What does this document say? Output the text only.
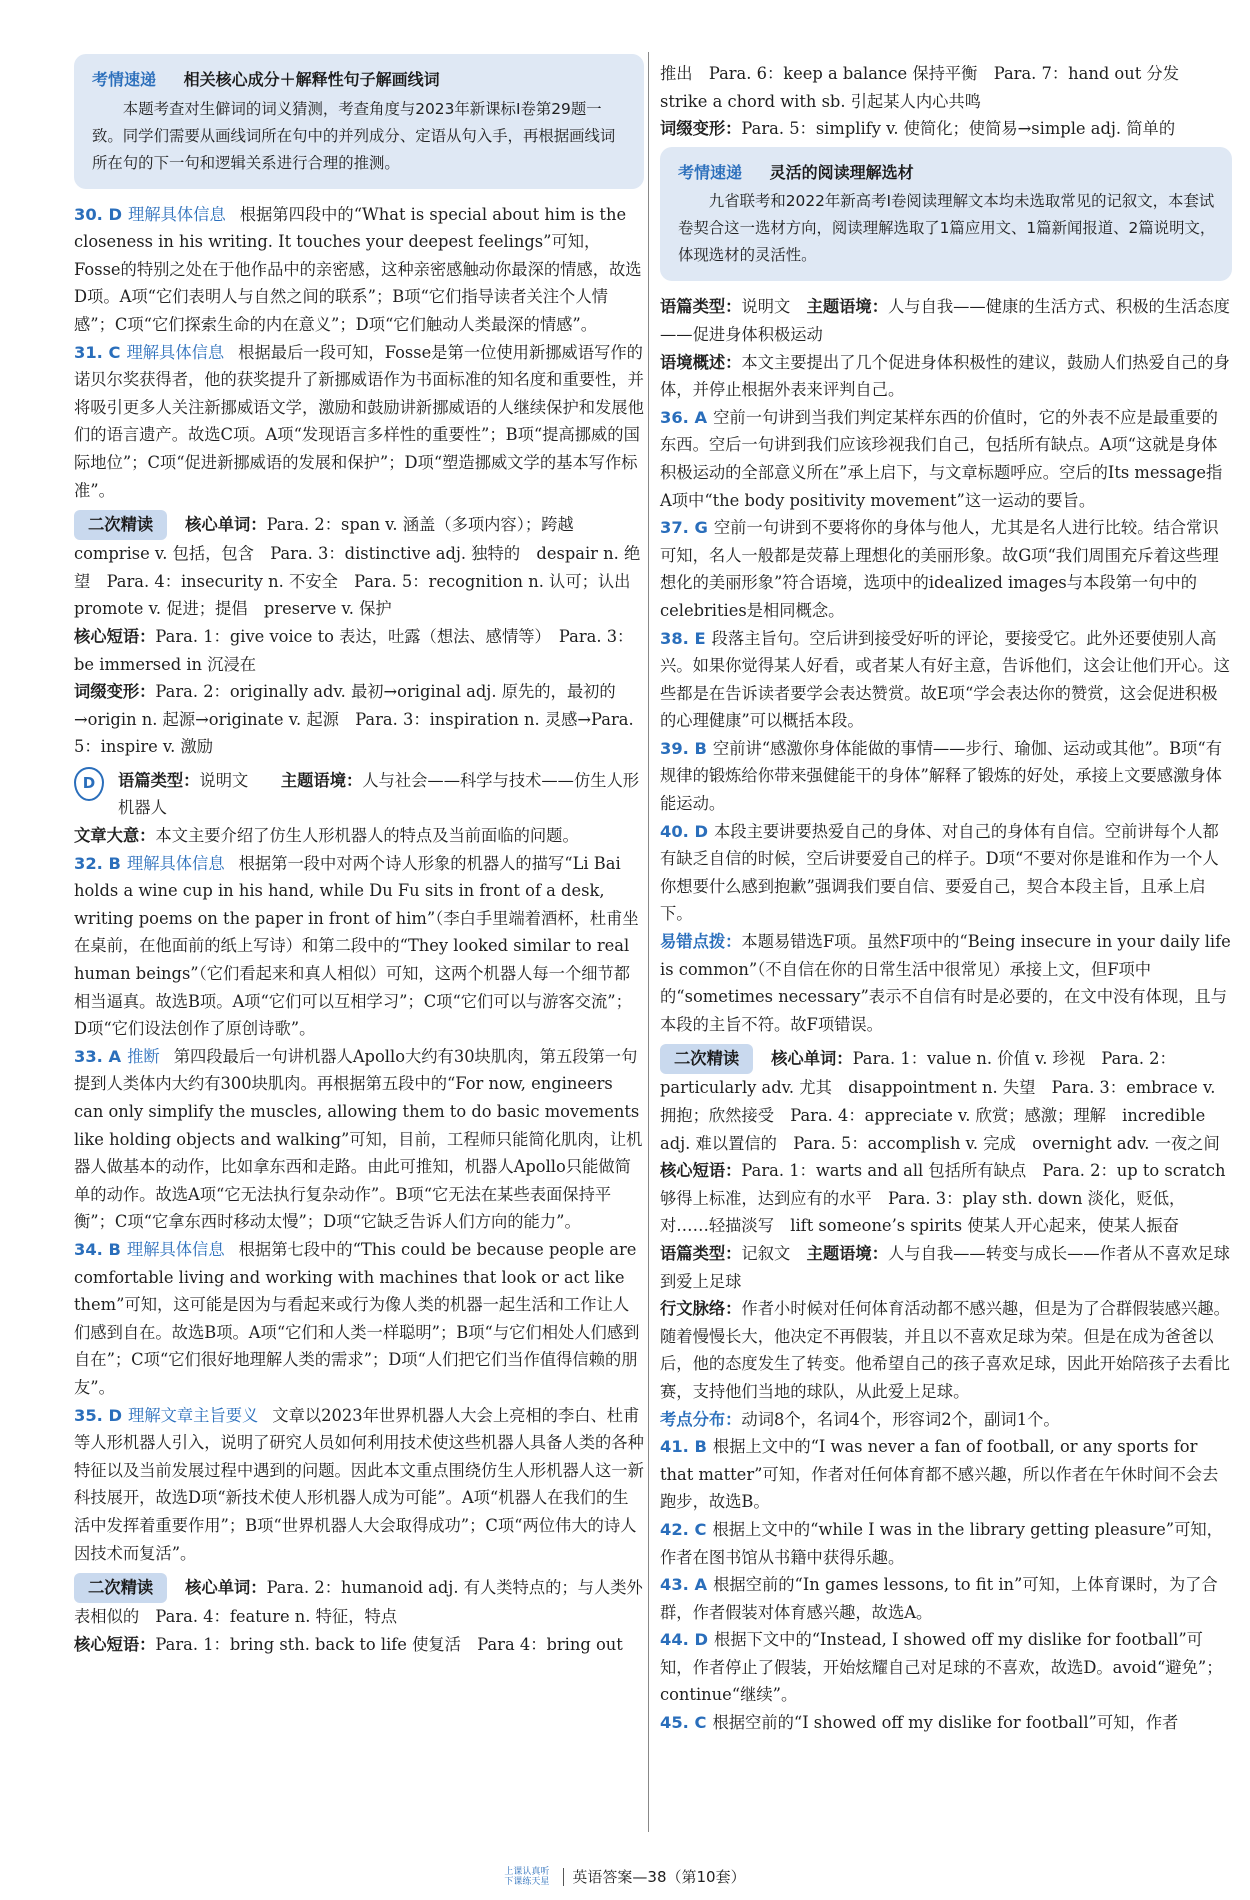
考情速递 相关核心成分＋解释性句子解画线词

本题考查对生僻词的词义猜测，考查角度与2023年新课标Ⅰ卷第29题一致。同学们需要从画线词所在句中的并列成分、定语从句入手，再根据画线词所在句的下一句和逻辑关系进行合理的推测。

30. D 理解具体信息 根据第四段中的“What is special about him is the closeness in his writing. It touches your deepest feelings”可知，Fosse的特别之处在于他作品中的亲密感，这种亲密感触动你最深的情感，故选D项。A项“它们表明人与自然之间的联系”；B项“它们指导读者关注个人情感”；C项“它们探索生命的内在意义”；D项“它们触动人类最深的情感”。

31. C 理解具体信息 根据最后一段可知，Fosse是第一位使用新挪威语写作的诺贝尔奖获得者，他的获奖提升了新挪威语作为书面标准的知名度和重要性，并将吸引更多人关注新挪威语文学，激励和鼓励讲新挪威语的人继续保护和发展他们的语言遗产。故选C项。A项“发现语言多样性的重要性”；B项“提高挪威的国际地位”；C项“促进新挪威语的发展和保护”；D项“塑造挪威文学的基本写作标准”。

二次精读 核心单词：Para. 2：span v. 涵盖（多项内容）；跨越　comprise v. 包括，包含　Para. 3：distinctive adj. 独特的　despair n. 绝望　Para. 4：insecurity n. 不安全　Para. 5：recognition n. 认可；认出　promote v. 促进；提倡　preserve v. 保护

核心短语：Para. 1：give voice to 表达，吐露（想法、感情等）　Para. 3：be immersed in 沉浸在

词缀变形：Para. 2：originally adv. 最初→original adj. 原先的，最初的→origin n. 起源→originate v. 起源　Para. 3：inspiration n. 灵感→Para. 5：inspire v. 激励

D	语篇类型：说明文　　 主题语境：人与社会——科学与技术——仿生人形机器人

文章大意：本文主要介绍了仿生人形机器人的特点及当前面临的问题。

32. B 理解具体信息 根据第一段中对两个诗人形象的机器人的描写“Li Bai holds a wine cup in his hand, while Du Fu sits in front of a desk, writing poems on the paper in front of him”（李白手里端着酒杯，杜甫坐在桌前，在他面前的纸上写诗）和第二段中的“They looked similar to real human beings”（它们看起来和真人相似）可知，这两个机器人每一个细节都相当逼真。故选B项。A项“它们可以互相学习”；C项“它们可以与游客交流”；D项“它们设法创作了原创诗歌”。

33. A 推断 第四段最后一句讲机器人Apollo大约有30块肌肉，第五段第一句提到人类体内大约有300块肌肉。再根据第五段中的“For now, engineers can only simplify the muscles, allowing them to do basic movements like holding objects and walking”可知，目前，工程师只能简化肌肉，让机器人做基本的动作，比如拿东西和走路。由此可推知，机器人Apollo只能做简单的动作。故选A项“它无法执行复杂动作”。B项“它无法在某些表面保持平衡”；C项“它拿东西时移动太慢”；D项“它缺乏告诉人们方向的能力”。

34. B 理解具体信息 根据第七段中的“This could be because people are comfortable living and working with machines that look or act like them”可知，这可能是因为与看起来或行为像人类的机器一起生活和工作让人们感到自在。故选B项。A项“它们和人类一样聪明”；B项“与它们相处人们感到自在”；C项“它们很好地理解人类的需求”；D项“人们把它们当作值得信赖的朋友”。

35. D 理解文章主旨要义 文章以2023年世界机器人大会上亮相的李白、杜甫等人形机器人引入，说明了研究人员如何利用技术使这些机器人具备人类的各种特征以及当前发展过程中遇到的问题。因此本文重点围绕仿生人形机器人这一新科技展开，故选D项“新技术使人形机器人成为可能”。A项“机器人在我们的生活中发挥着重要作用”；B项“世界机器人大会取得成功”；C项“两位伟大的诗人因技术而复活”。

二次精读 核心单词：Para. 2：humanoid adj. 有人类特点的；与人类外表相似的　Para. 4：feature n. 特征，特点

核心短语：Para. 1：bring sth. back to life 使复活　Para 4：bring out

推出　Para. 6：keep a balance 保持平衡　Para. 7：hand out 分发　strike a chord with sb. 引起某人内心共鸣

词缀变形：Para. 5：simplify v. 使简化；使简易→simple adj. 简单的

考情速递 灵活的阅读理解选材

九省联考和2022年新高考Ⅰ卷阅读理解文本均未选取常见的记叙文，本套试卷契合这一选材方向，阅读理解选取了1篇应用文、1篇新闻报道、2篇说明文，体现选材的灵活性。

语篇类型：说明文　 主题语境：人与自我——健康的生活方式、积极的生活态度——促进身体积极运动

语境概述：本文主要提出了几个促进身体积极性的建议，鼓励人们热爱自己的身体，并停止根据外表来评判自己。

36. A 空前一句讲到当我们判定某样东西的价值时，它的外表不应是最重要的东西。空后一句讲到我们应该珍视我们自己，包括所有缺点。A项“这就是身体积极运动的全部意义所在”承上启下，与文章标题呼应。空后的Its message指A项中“the body positivity movement”这一运动的要旨。

37. G 空前一句讲到不要将你的身体与他人，尤其是名人进行比较。结合常识可知，名人一般都是荧幕上理想化的美丽形象。故G项“我们周围充斥着这些理想化的美丽形象”符合语境，选项中的idealized images与本段第一句中的celebrities是相同概念。

38. E 段落主旨句。空后讲到接受好听的评论，要接受它。此外还要使别人高兴。如果你觉得某人好看，或者某人有好主意，告诉他们，这会让他们开心。这些都是在告诉读者要学会表达赞赏。故E项“学会表达你的赞赏，这会促进积极的心理健康”可以概括本段。

39. B 空前讲“感激你身体能做的事情——步行、瑜伽、运动或其他”。B项“有规律的锻炼给你带来强健能干的身体”解释了锻炼的好处，承接上文要感激身体能运动。

40. D 本段主要讲要热爱自己的身体、对自己的身体有自信。空前讲每个人都有缺乏自信的时候，空后讲要爱自己的样子。D项“不要对你是谁和作为一个人你想要什么感到抱歉”强调我们要自信、要爱自己，契合本段主旨，且承上启下。

易错点拨：本题易错选F项。虽然F项中的“Being insecure in your daily life is common”（不自信在你的日常生活中很常见）承接上文，但F项中的“sometimes necessary”表示不自信有时是必要的，在文中没有体现，且与本段的主旨不符。故F项错误。

二次精读 核心单词：Para. 1：value n. 价值 v. 珍视　Para. 2：particularly adv. 尤其　disappointment n. 失望　Para. 3：embrace v. 拥抱；欣然接受　Para. 4：appreciate v. 欣赏；感激；理解　incredible adj. 难以置信的　Para. 5：accomplish v. 完成　overnight adv. 一夜之间

核心短语：Para. 1：warts and all 包括所有缺点　Para. 2：up to scratch 够得上标准，达到应有的水平　Para. 3：play sth. down 淡化，贬低，对……轻描淡写　lift someone’s spirits 使某人开心起来，使某人振奋

语篇类型：记叙文　 主题语境：人与自我——转变与成长——作者从不喜欢足球到爱上足球

行文脉络：作者小时候对任何体育活动都不感兴趣，但是为了合群假装感兴趣。随着慢慢长大，他决定不再假装，并且以不喜欢足球为荣。但是在成为爸爸以后，他的态度发生了转变。他希望自己的孩子喜欢足球，因此开始陪孩子去看比赛，支持他们当地的球队，从此爱上足球。

考点分布：动词8个，名词4个，形容词2个，副词1个。

41. B 根据上文中的“I was never a fan of football, or any sports for that matter”可知，作者对任何体育都不感兴趣，所以作者在午休时间不会去跑步，故选B。

42. C 根据上文中的“while I was in the library getting pleasure”可知，作者在图书馆从书籍中获得乐趣。

43. A 根据空前的“In games lessons, to fit in”可知，上体育课时，为了合群，作者假装对体育感兴趣，故选A。

44. D 根据下文中的“Instead, I showed off my dislike for football”可知，作者停止了假装，开始炫耀自己对足球的不喜欢，故选D。avoid“避免”；continue“继续”。

45. C 根据空前的“I showed off my dislike for football”可知，作者

上课认真听
下课练天星 英语答案—38（第10套）
